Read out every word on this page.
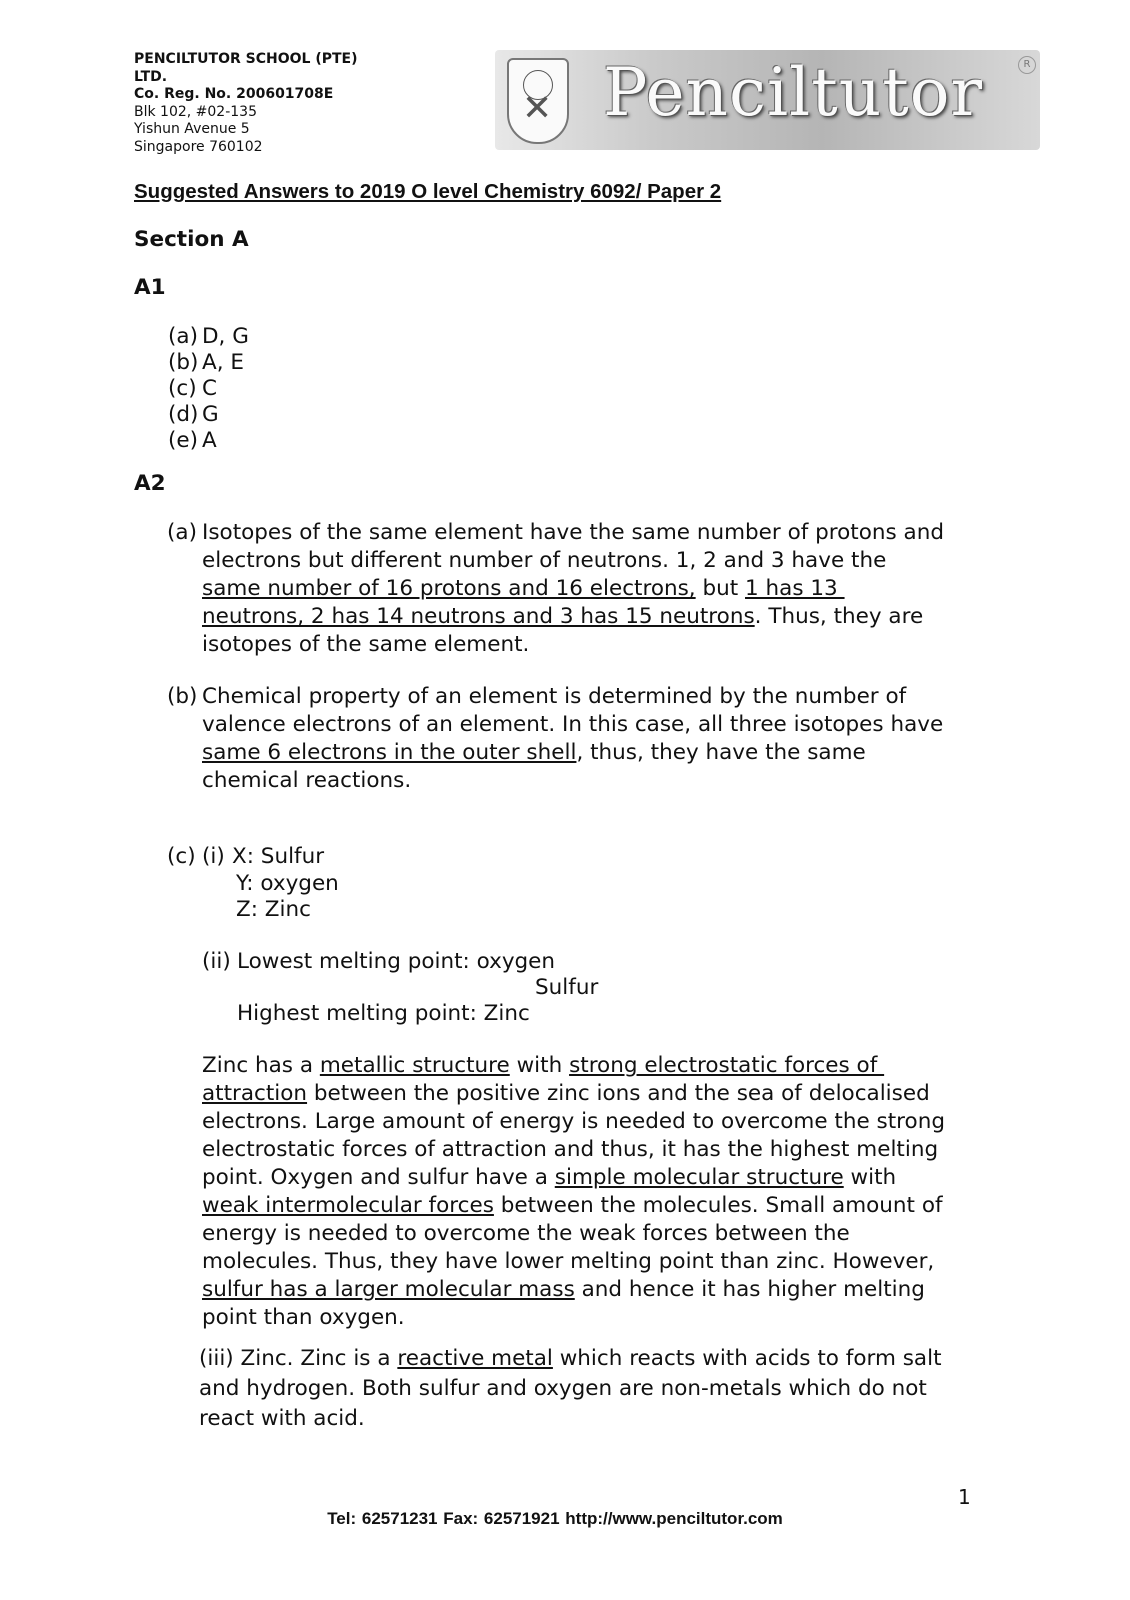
PENCILTUTOR SCHOOL (PTE)
LTD.
Co. Reg. No. 200601708E
Blk 102, #02-135
Yishun Avenue 5
Singapore 760102
✕
Penciltutor	R
Suggested Answers to 2019 O level Chemistry 6092/ Paper 2
Section A
A1
(a) D, G
(b) A, E
(c) C
(d) G
(e) A
A2
(a) Isotopes of the same element have the same number of protons and
electrons but different number of neutrons. 1, 2 and 3 have the
same number of 16 protons and 16 electrons, but 1 has 13
neutrons, 2 has 14 neutrons and 3 has 15 neutrons. Thus, they are
isotopes of the same element.
(b) Chemical property of an element is determined by the number of
valence electrons of an element. In this case, all three isotopes have
same 6 electrons in the outer shell, thus, they have the same
chemical reactions.
(c) (i) X: Sulfur
Y: oxygen
Z: Zinc
(ii) Lowest melting point: oxygen
Sulfur
Highest melting point: Zinc
Zinc has a metallic structure with strong electrostatic forces of
attraction between the positive zinc ions and the sea of delocalised
electrons. Large amount of energy is needed to overcome the strong
electrostatic forces of attraction and thus, it has the highest melting
point. Oxygen and sulfur have a simple molecular structure with
weak intermolecular forces between the molecules. Small amount of
energy is needed to overcome the weak forces between the
molecules. Thus, they have lower melting point than zinc. However,
sulfur has a larger molecular mass and hence it has higher melting
point than oxygen.
(iii) Zinc. Zinc is a reactive metal which reacts with acids to form salt
and hydrogen. Both sulfur and oxygen are non-metals which do not
react with acid.
1
Tel: 62571231 Fax: 62571921 http://www.penciltutor.com
